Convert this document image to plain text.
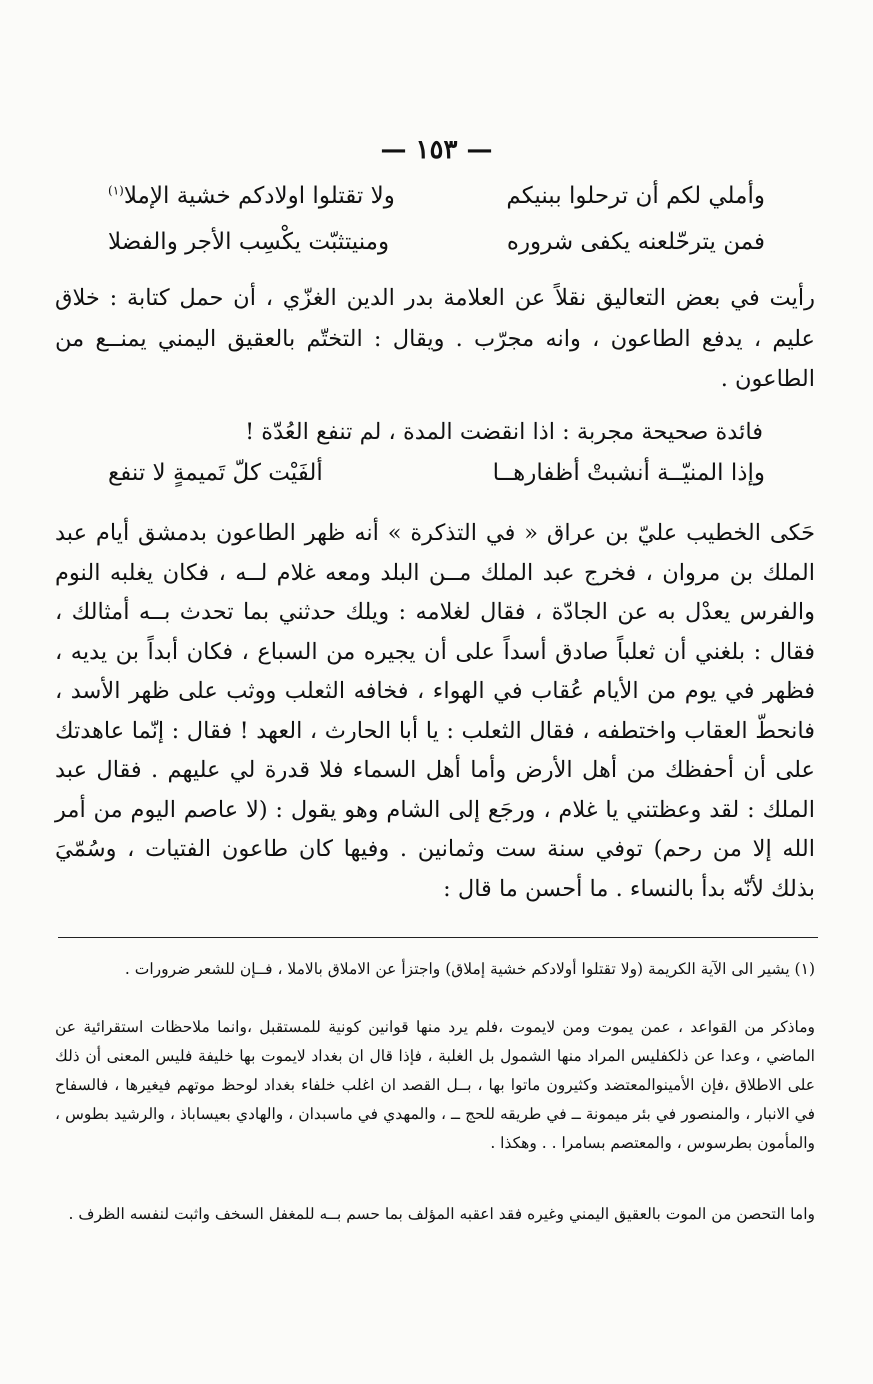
— ١٥٣ —
وأملي لكم أن ترحلوا ببنيكم
ولا تقتلوا اولادكم خشية الإملا$^{(١)}$
فمن يترحّلعنه يكفى شروره
ومنيتثبّت يكْسِب الأجر والفضلا
رأيت في بعض التعاليق نقلاً عن العلامة بدر الدين الغزّي ، أن حمل كتابة : خلاق عليم ، يدفع الطاعون ، وانه مجرّب . ويقال : التختّم بالعقيق اليمني يمنــع من الطاعون .
فائدة صحيحة مجربة : اذا انقضت المدة ، لم تنفع العُدّة !
وإذا المنيّــة أنشبتْ أظفارهــا
ألفَيْت كلّ تَميمةٍ لا تنفع
حَكى الخطيب عليّ بن عراق « في التذكرة » أنه ظهر الطاعون بدمشق أيام عبد الملك بن مروان ، فخرج عبد الملك مــن البلد ومعه غلام لــه ، فكان يغلبه النوم والفرس يعدْل به عن الجادّة ، فقال لغلامه : ويلك حدثني بما تحدث بــه أمثالك ، فقال : بلغني أن ثعلباً صادق أسداً على أن يجيره من السباع ، فكان أبداً بن يديه ، فظهر في يوم من الأيام عُقاب في الهواء ، فخافه الثعلب ووثب على ظهر الأسد ، فانحطّ العقاب واختطفه ، فقال الثعلب : يا أبا الحارث ، العهد ! فقال : إنّما عاهدتك على أن أحفظك من أهل الأرض وأما أهل السماء فلا قدرة لي عليهم . فقال عبد الملك : لقد وعظتني يا غلام ، ورجَع إلى الشام وهو يقول : (لا عاصم اليوم من أمر الله إلا من رحم) توفي سنة ست وثمانين . وفيها كان طاعون الفتيات ، وسُمّيَ بذلك لأنّه بدأ بالنساء . ما أحسن ما قال :
(١) يشير الى الآية الكريمة (ولا تقتلوا أولادكم خشية إملاق) واجتزأ عن الاملاق بالاملا ، فــإن للشعر ضرورات .
وماذكر من القواعد ، عمن يموت ومن لايموت ،فلم يرد منها قوانين كونية للمستقبل ،وانما ملاحظات استقرائية عن الماضي ، وعدا عن ذلكفليس المراد منها الشمول بل الغلبة ، فإذا قال ان بغداد لايموت بها خليفة فليس المعنى أن ذلك على الاطلاق ،فإن الأمينوالمعتضد وكثيرون ماتوا بها ، بــل القصد ان اغلب خلفاء بغداد لوحظ موتهم فيغيرها ، فالسفاح في الانبار ، والمنصور في بئر ميمونة ــ في طريقه للحج ــ ، والمهدي في ماسبدان ، والهادي بعيساباذ ، والرشيد بطوس ، والمأمون بطرسوس ، والمعتصم بسامرا . . وهكذا .
واما التحصن من الموت بالعقيق اليمني وغيره فقد اعقبه المؤلف بما حسم بــه للمغفل السخف واثبت لنفسه الظرف .
